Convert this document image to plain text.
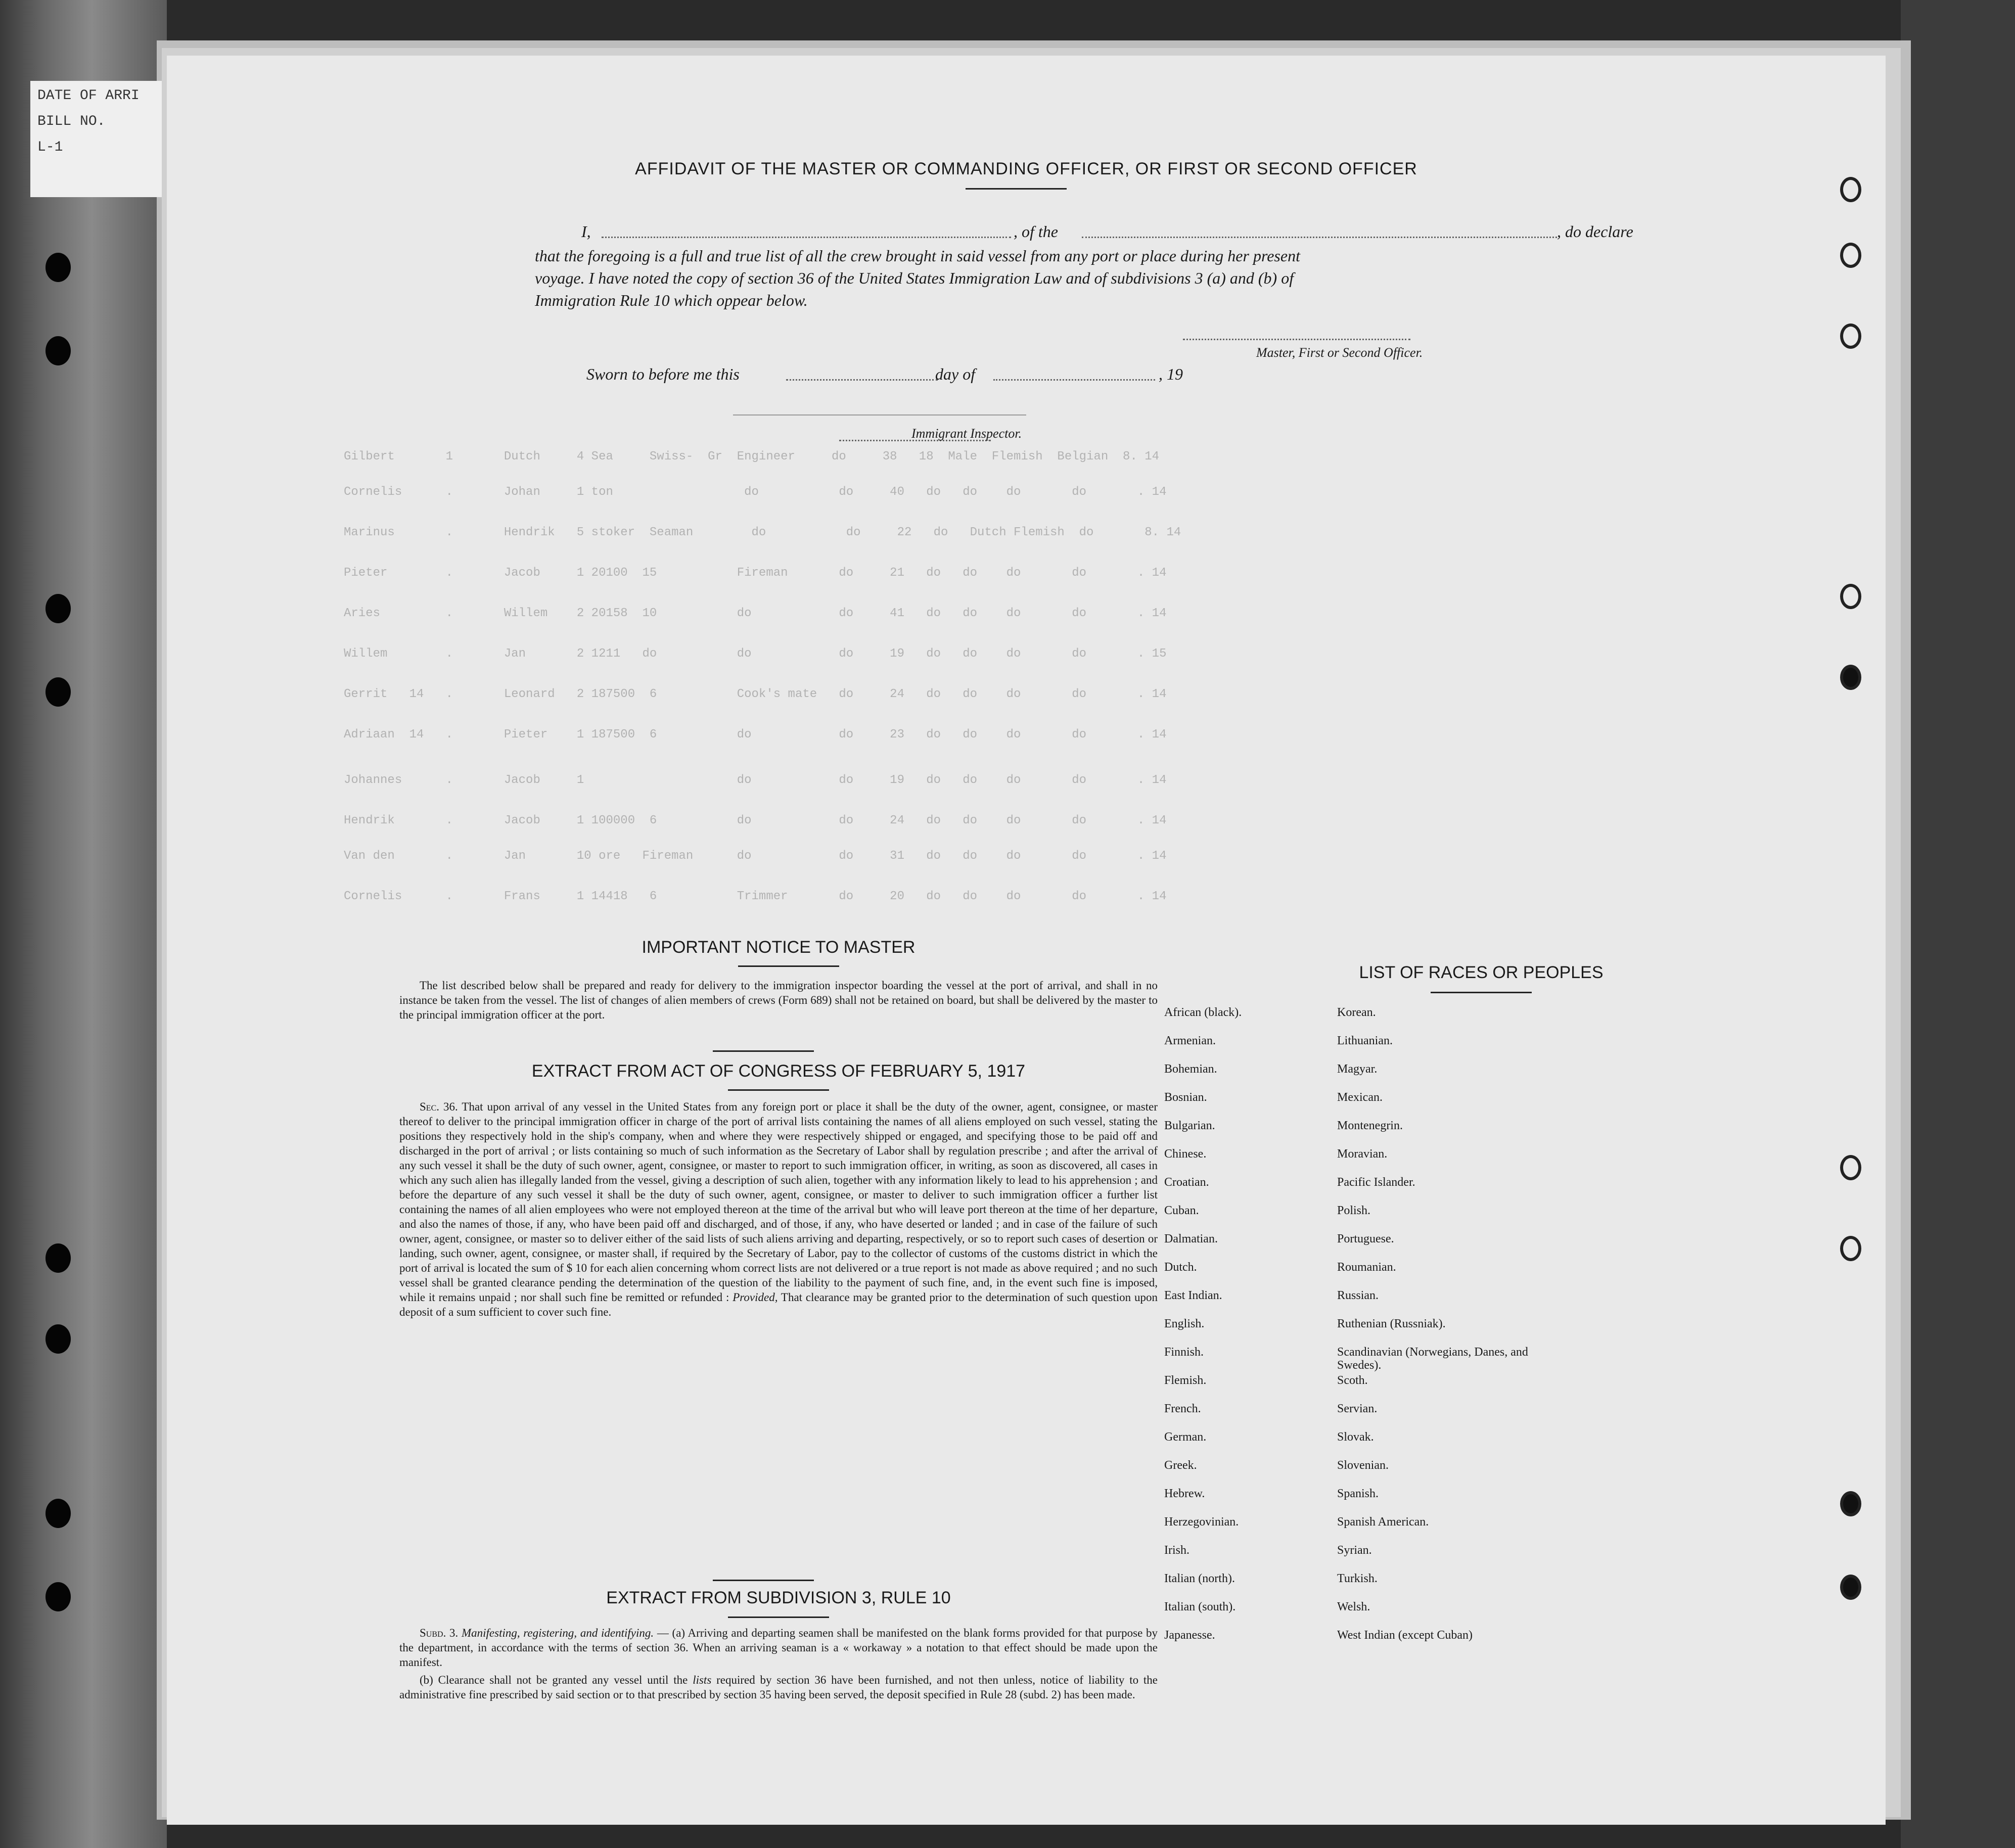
DATE OF ARRI
BILL NO.
L-1
Gilbert       1       Dutch     4 Sea     Swiss-  Gr  Engineer     do     38   18  Male  Flemish  Belgian  8. 14
Cornelis      .       Johan     1 ton                  do           do     40   do   do    do       do       . 14
Marinus       .       Hendrik   5 stoker  Seaman        do           do     22   do   Dutch Flemish  do       8. 14
Pieter        .       Jacob     1 20100  15           Fireman       do     21   do   do    do       do       . 14
Aries         .       Willem    2 20158  10           do            do     41   do   do    do       do       . 14
Willem        .       Jan       2 1211   do           do            do     19   do   do    do       do       . 15
Gerrit   14   .       Leonard   2 187500  6           Cook's mate   do     24   do   do    do       do       . 14
Adriaan  14   .       Pieter    1 187500  6           do            do     23   do   do    do       do       . 14
Johannes      .       Jacob     1                     do            do     19   do   do    do       do       . 14
Hendrik       .       Jacob     1 100000  6           do            do     24   do   do    do       do       . 14
Van den       .       Jan       10 ore   Fireman      do            do     31   do   do    do       do       . 14
Cornelis      .       Frans     1 14418   6           Trimmer       do     20   do   do    do       do       . 14
AFFIDAVIT OF THE MASTER OR COMMANDING OFFICER, OR FIRST OR SECOND OFFICER
I,	, of the	, do declare
that the foregoing is a full and true list of all the crew brought in said vessel from any port or place during her present
voyage. I have noted the copy of section 36 of the United States Immigration Law and of subdivisions 3 (a) and (b) of
Immigration Rule 10 which oppear below.
Master, First or Second Officer.
Sworn to before me this	day of	, 19
Immigrant Inspector.
IMPORTANT NOTICE TO MASTER

The list described below shall be prepared and ready for delivery to the immigration inspector boarding the vessel at the port of arrival, and shall in no instance be taken from the vessel. The list of changes of alien members of crews (Form 689) shall not be retained on board, but shall be delivered by the master to the principal immigration officer at the port.

EXTRACT FROM ACT OF CONGRESS OF FEBRUARY 5, 1917

Sec. 36. That upon arrival of any vessel in the United States from any foreign port or place it shall be the duty of the owner, agent, consignee, or master thereof to deliver to the principal immigration officer in charge of the port of arrival lists containing the names of all aliens employed on such vessel, stating the positions they respectively hold in the ship's company, when and where they were respectively shipped or engaged, and specifying those to be paid off and discharged in the port of arrival ; or lists containing so much of such information as the Secretary of Labor shall by regulation prescribe ; and after the arrival of any such vessel it shall be the duty of such owner, agent, consignee, or master to report to such immigration officer, in writing, as soon as discovered, all cases in which any such alien has illegally landed from the vessel, giving a description of such alien, together with any information likely to lead to his apprehension ; and before the departure of any such vessel it shall be the duty of such owner, agent, consignee, or master to deliver to such immigration officer a further list containing the names of all alien employees who were not employed thereon at the time of the arrival but who will leave port thereon at the time of her departure, and also the names of those, if any, who have been paid off and discharged, and of those, if any, who have deserted or landed ; and in case of the failure of such owner, agent, consignee, or master so to deliver either of the said lists of such aliens arriving and departing, respectively, or so to report such cases of desertion or landing, such owner, agent, consignee, or master shall, if required by the Secretary of Labor, pay to the collector of customs of the customs district in which the port of arrival is located the sum of $ 10 for each alien concerning whom correct lists are not delivered or a true report is not made as above required ; and no such vessel shall be granted clearance pending the determination of the question of the liability to the payment of such fine, and, in the event such fine is imposed, while it remains unpaid ; nor shall such fine be remitted or refunded : Provided, That clearance may be granted prior to the determination of such question upon deposit of a sum sufficient to cover such fine.

EXTRACT FROM SUBDIVISION 3, RULE 10

Subd. 3. Manifesting, registering, and identifying. — (a) Arriving and departing seamen shall be manifested on the blank forms provided for that purpose by the department, in accordance with the terms of section 36. When an arriving seaman is a « workaway » a notation to that effect should be made upon the manifest.

(b) Clearance shall not be granted any vessel until the lists required by section 36 have been furnished, and not then unless, notice of liability to the administrative fine prescribed by said section or to that prescribed by section 35 having been served, the deposit specified in Rule 28 (subd. 2) has been made.

LIST OF RACES OR PEOPLES
African (black).
Armenian.
Bohemian.
Bosnian.
Bulgarian.
Chinese.
Croatian.
Cuban.
Dalmatian.
Dutch.
East Indian.
English.
Finnish.
Flemish.
French.
German.
Greek.
Hebrew.
Herzegovinian.
Irish.
Italian (north).
Italian (south).
Japanesse.
Korean.
Lithuanian.
Magyar.
Mexican.
Montenegrin.
Moravian.
Pacific Islander.
Polish.
Portuguese.
Roumanian.
Russian.
Ruthenian (Russniak).
Scandinavian (Norwegians, Danes, and Swedes).
Scoth.
Servian.
Slovak.
Slovenian.
Spanish.
Spanish American.
Syrian.
Turkish.
Welsh.
West Indian (except Cuban)
